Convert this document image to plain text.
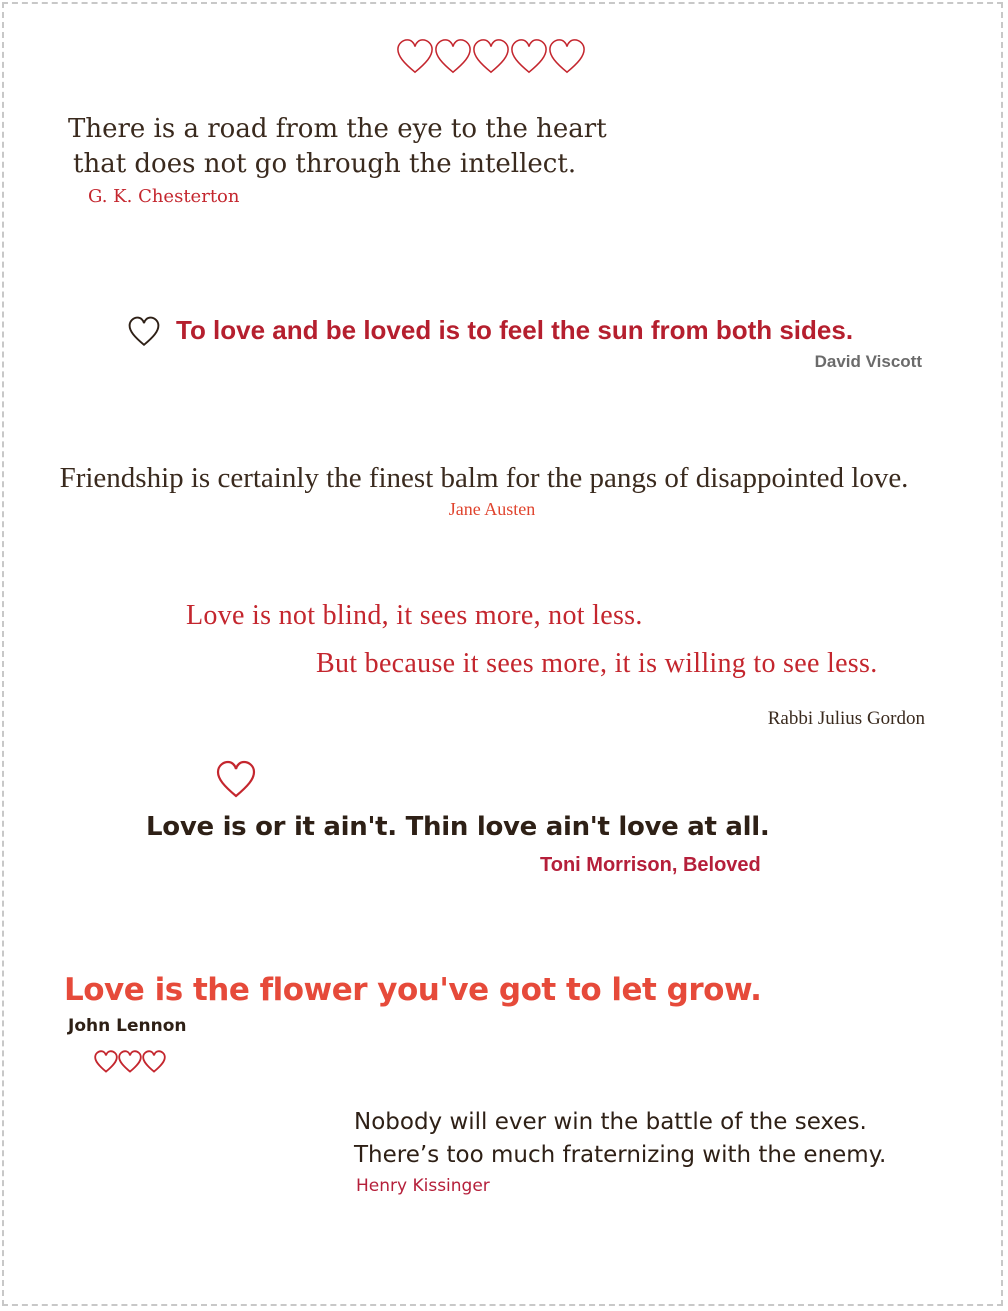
There is a road from the eye to the heart
that does not go through the intellect.
G. K. Chesterton
To love and be loved is to feel the sun from both sides.
David Viscott
Friendship is certainly the finest balm for the pangs of disappointed love.
Jane Austen
Love is not blind, it sees more, not less.
But because it sees more, it is willing to see less.
Rabbi Julius Gordon
Love is or it ain't. Thin love ain't love at all.
Toni Morrison, Beloved
Love is the flower you've got to let grow.
John Lennon
Nobody will ever win the battle of the sexes.
There’s too much fraternizing with the enemy.
Henry Kissinger
